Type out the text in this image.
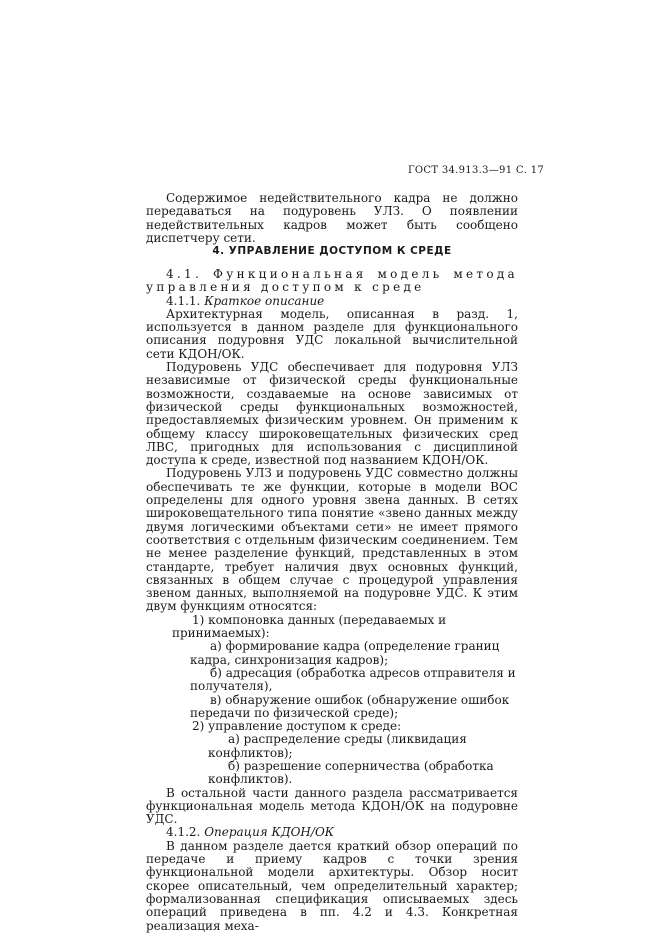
ГОСТ 34.913.3—91 С. 17

Содержимое недействительного кадра не должно передаваться на подуровень УЛЗ. О появлении недействительных кадров может быть сообщено диспетчеру сети.

4. УПРАВЛЕНИЕ ДОСТУПОМ К СРЕДЕ

4.1. Функциональная модель метода управления доступом к среде

4.1.1. Краткое описание

Архитектурная модель, описанная в разд. 1, используется в данном разделе для функционального описания подуровня УДС локальной вычислительной сети КДОН/ОК.

Подуровень УДС обеспечивает для подуровня УЛЗ независимые от физической среды функциональные возможности, создаваемые на основе зависимых от физической среды функциональных возможностей, предоставляемых физическим уровнем. Он применим к общему классу широковещательных физических сред ЛВС, пригодных для использования с дисциплиной доступа к среде, известной под названием КДОН/ОК.

Подуровень УЛЗ и подуровень УДС совместно должны обеспечивать те же функции, которые в модели ВОС определены для одного уровня звена данных. В сетях широковещательного типа понятие «звено данных между двумя логическими объектами сети» не имеет прямого соответствия с отдельным физическим соединением. Тем не менее разделение функций, представленных в этом стандарте, требует наличия двух основных функций, связанных в общем случае с процедурой управления звеном данных, выполняемой на подуровне УДС. К этим двум функциям относятся:

1) компоновка данных (передаваемых и принимаемых):

а) формирование кадра (определение границ кадра, синхронизация кадров);

б) адресация (обработка адресов отправителя и получателя),

в) обнаружение ошибок (обнаружение ошибок передачи по физической среде);

2) управление доступом к среде:

а) распределение среды (ликвидация конфликтов);

б) разрешение соперничества (обработка конфликтов).

В остальной части данного раздела рассматривается функциональная модель метода КДОН/ОК на подуровне УДС.

4.1.2. Операция КДОН/ОК

В данном разделе дается краткий обзор операций по передаче и приему кадров с точки зрения функциональной модели архитектуры. Обзор носит скорее описательный, чем определительный характер; формализованная спецификация описываемых здесь операций приведена в пп. 4.2 и 4.3. Конкретная реализация меха-
